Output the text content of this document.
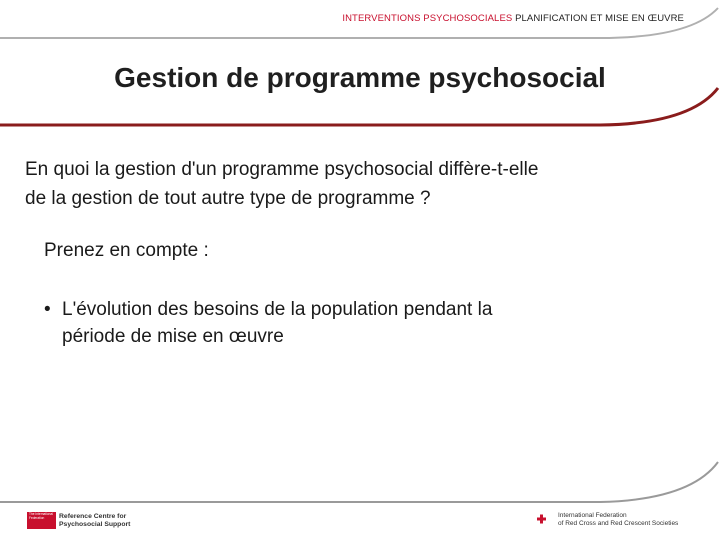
INTERVENTIONS PSYCHOSOCIALES PLANIFICATION ET MISE EN ŒUVRE
Gestion de programme psychosocial
En quoi la gestion d'un programme psychosocial diffère-t-elle
de la gestion de tout autre type de programme ?
Prenez en compte :
• L'évolution des besoins de la population pendant la
période de mise en œuvre
The International Federation	Reference Centre for
Psychosocial Support
International Federation
of Red Cross and Red Crescent Societies
